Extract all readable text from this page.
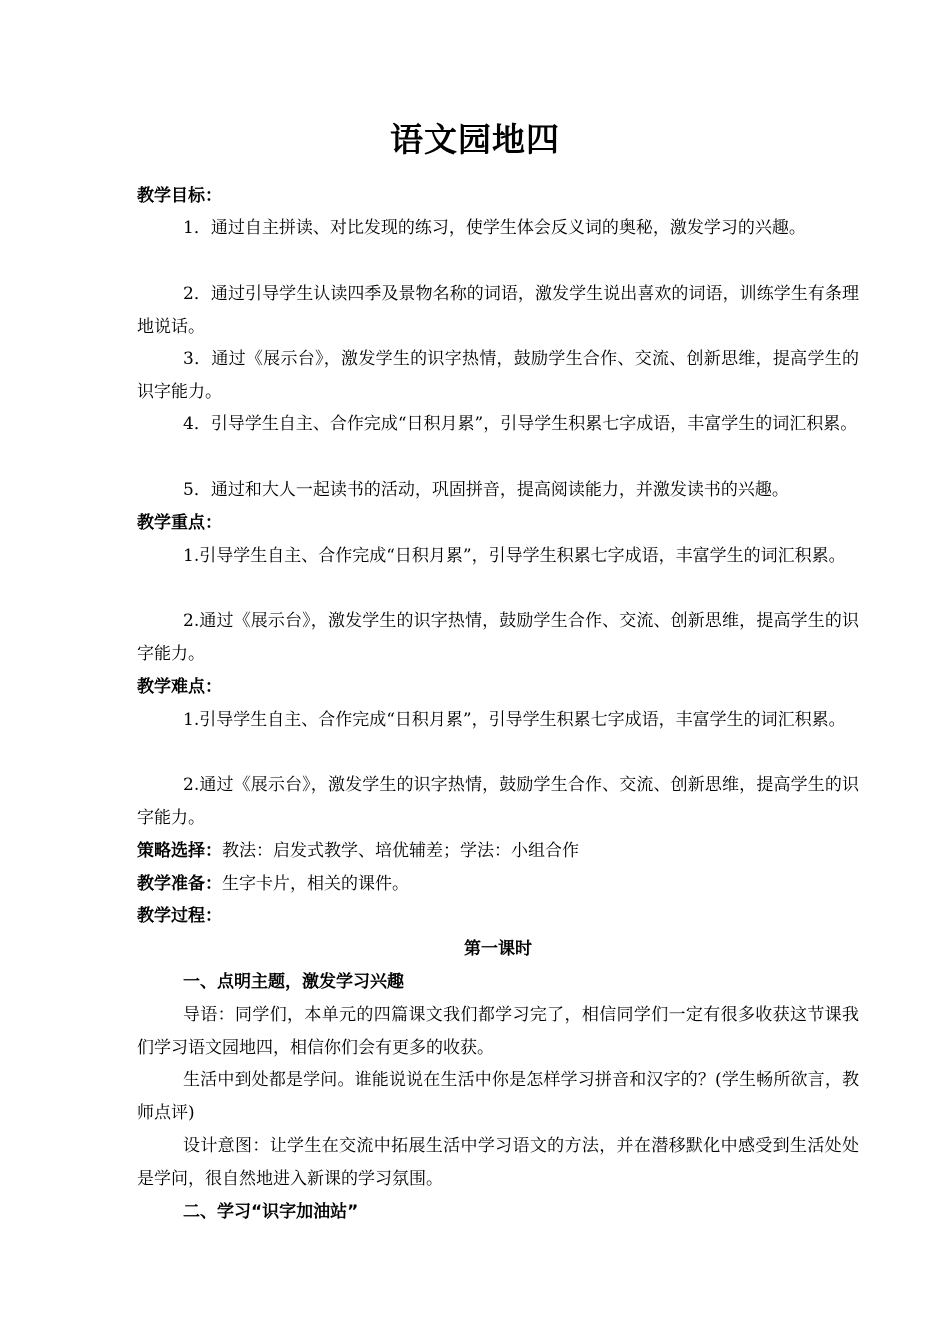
语文园地四
教学目标：
1．通过自主拼读、对比发现的练习，使学生体会反义词的奥秘，激发学习的兴趣。
2．通过引导学生认读四季及景物名称的词语，激发学生说出喜欢的词语，训练学生有条理地说话。
3．通过《展示台》，激发学生的识字热情，鼓励学生合作、交流、创新思维，提高学生的识字能力。
4．引导学生自主、合作完成“日积月累”，引导学生积累七字成语，丰富学生的词汇积累。
5．通过和大人一起读书的活动，巩固拼音，提高阅读能力，并激发读书的兴趣。
教学重点：
1.引导学生自主、合作完成“日积月累”，引导学生积累七字成语，丰富学生的词汇积累。
2.通过《展示台》，激发学生的识字热情，鼓励学生合作、交流、创新思维，提高学生的识字能力。
教学难点：
1.引导学生自主、合作完成“日积月累”，引导学生积累七字成语，丰富学生的词汇积累。
2.通过《展示台》，激发学生的识字热情，鼓励学生合作、交流、创新思维，提高学生的识字能力。
策略选择：教法：启发式教学、培优辅差；学法：小组合作
教学准备：生字卡片，相关的课件。
教学过程：
第一课时
一、点明主题，激发学习兴趣
导语：同学们，本单元的四篇课文我们都学习完了，相信同学们一定有很多收获这节课我们学习语文园地四，相信你们会有更多的收获。
生活中到处都是学问。谁能说说在生活中你是怎样学习拼音和汉字的？(学生畅所欲言，教师点评)
设计意图：让学生在交流中拓展生活中学习语文的方法，并在潜移默化中感受到生活处处是学问，很自然地进入新课的学习氛围。
二、学习“识字加油站”
